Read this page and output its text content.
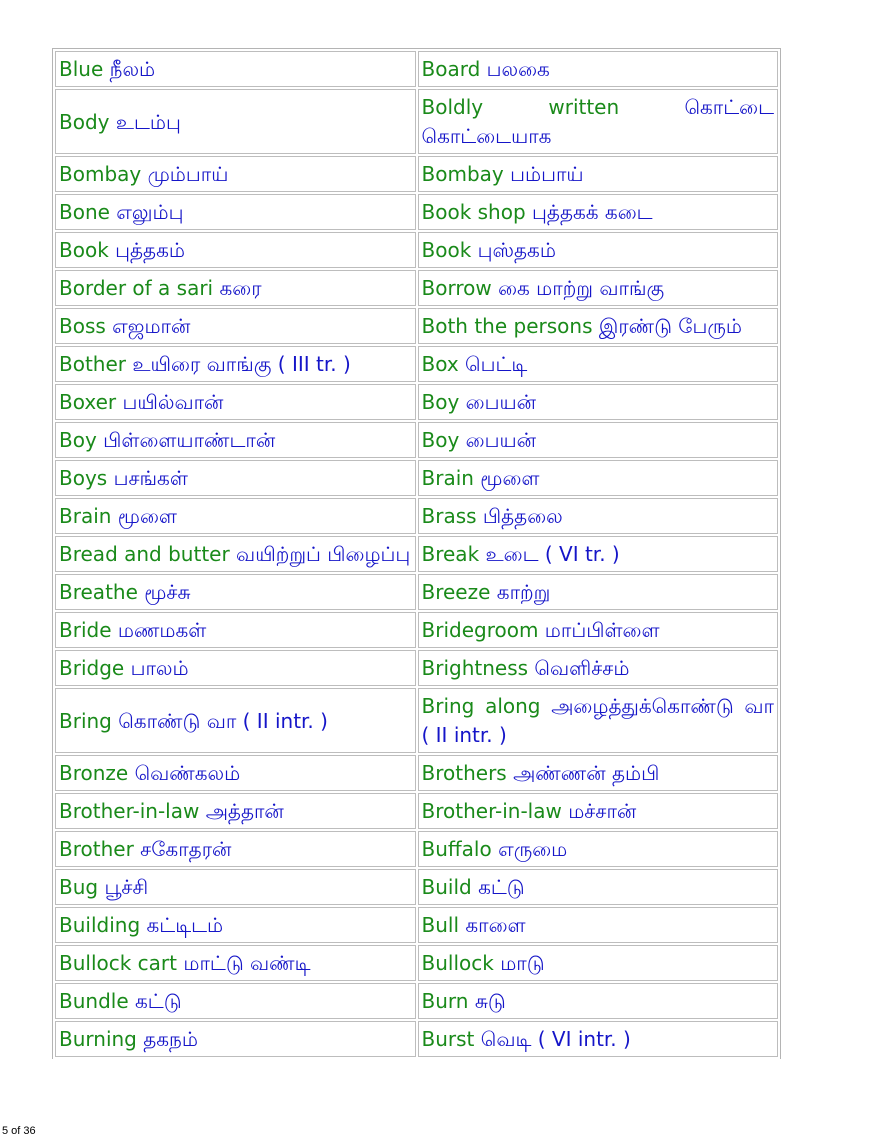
Blue நீலம்	Board பலகை
Body உடம்பு	Boldly written கொட்டை கொட்டையாக
Bombay மும்பாய்	Bombay பம்பாய்
Bone எலும்பு	Book shop புத்தகக் கடை
Book புத்தகம்	Book புஸ்தகம்
Border of a sari கரை	Borrow கை மாற்று வாங்கு
Boss எஜமான்	Both the persons இரண்டு பேரும்
Bother உயிரை வாங்கு ( III tr. )	Box பெட்டி
Boxer பயில்வான்	Boy பையன்
Boy பிள்ளையாண்டான்	Boy பையன்
Boys பசங்கள்	Brain மூளை
Brain மூளை	Brass பித்தலை
Bread and butter வயிற்றுப் பிழைப்பு	Break உடை ( VI tr. )
Breathe மூச்சு	Breeze காற்று
Bride மணமகள்	Bridegroom மாப்பிள்ளை
Bridge பாலம்	Brightness வெளிச்சம்
Bring கொண்டு வா ( II intr. )	Bring along அழைத்துக்கொண்டு வா ( II intr. )
Bronze வெண்கலம்	Brothers அண்ணன் தம்பி
Brother-in-law அத்தான்	Brother-in-law மச்சான்
Brother சகோதரன்	Buffalo எருமை
Bug பூச்சி	Build கட்டு
Building கட்டிடம்	Bull காளை
Bullock cart மாட்டு வண்டி	Bullock மாடு
Bundle கட்டு	Burn சுடு
Burning தகநம்	Burst வெடி ( VI intr. )
5 of 36
